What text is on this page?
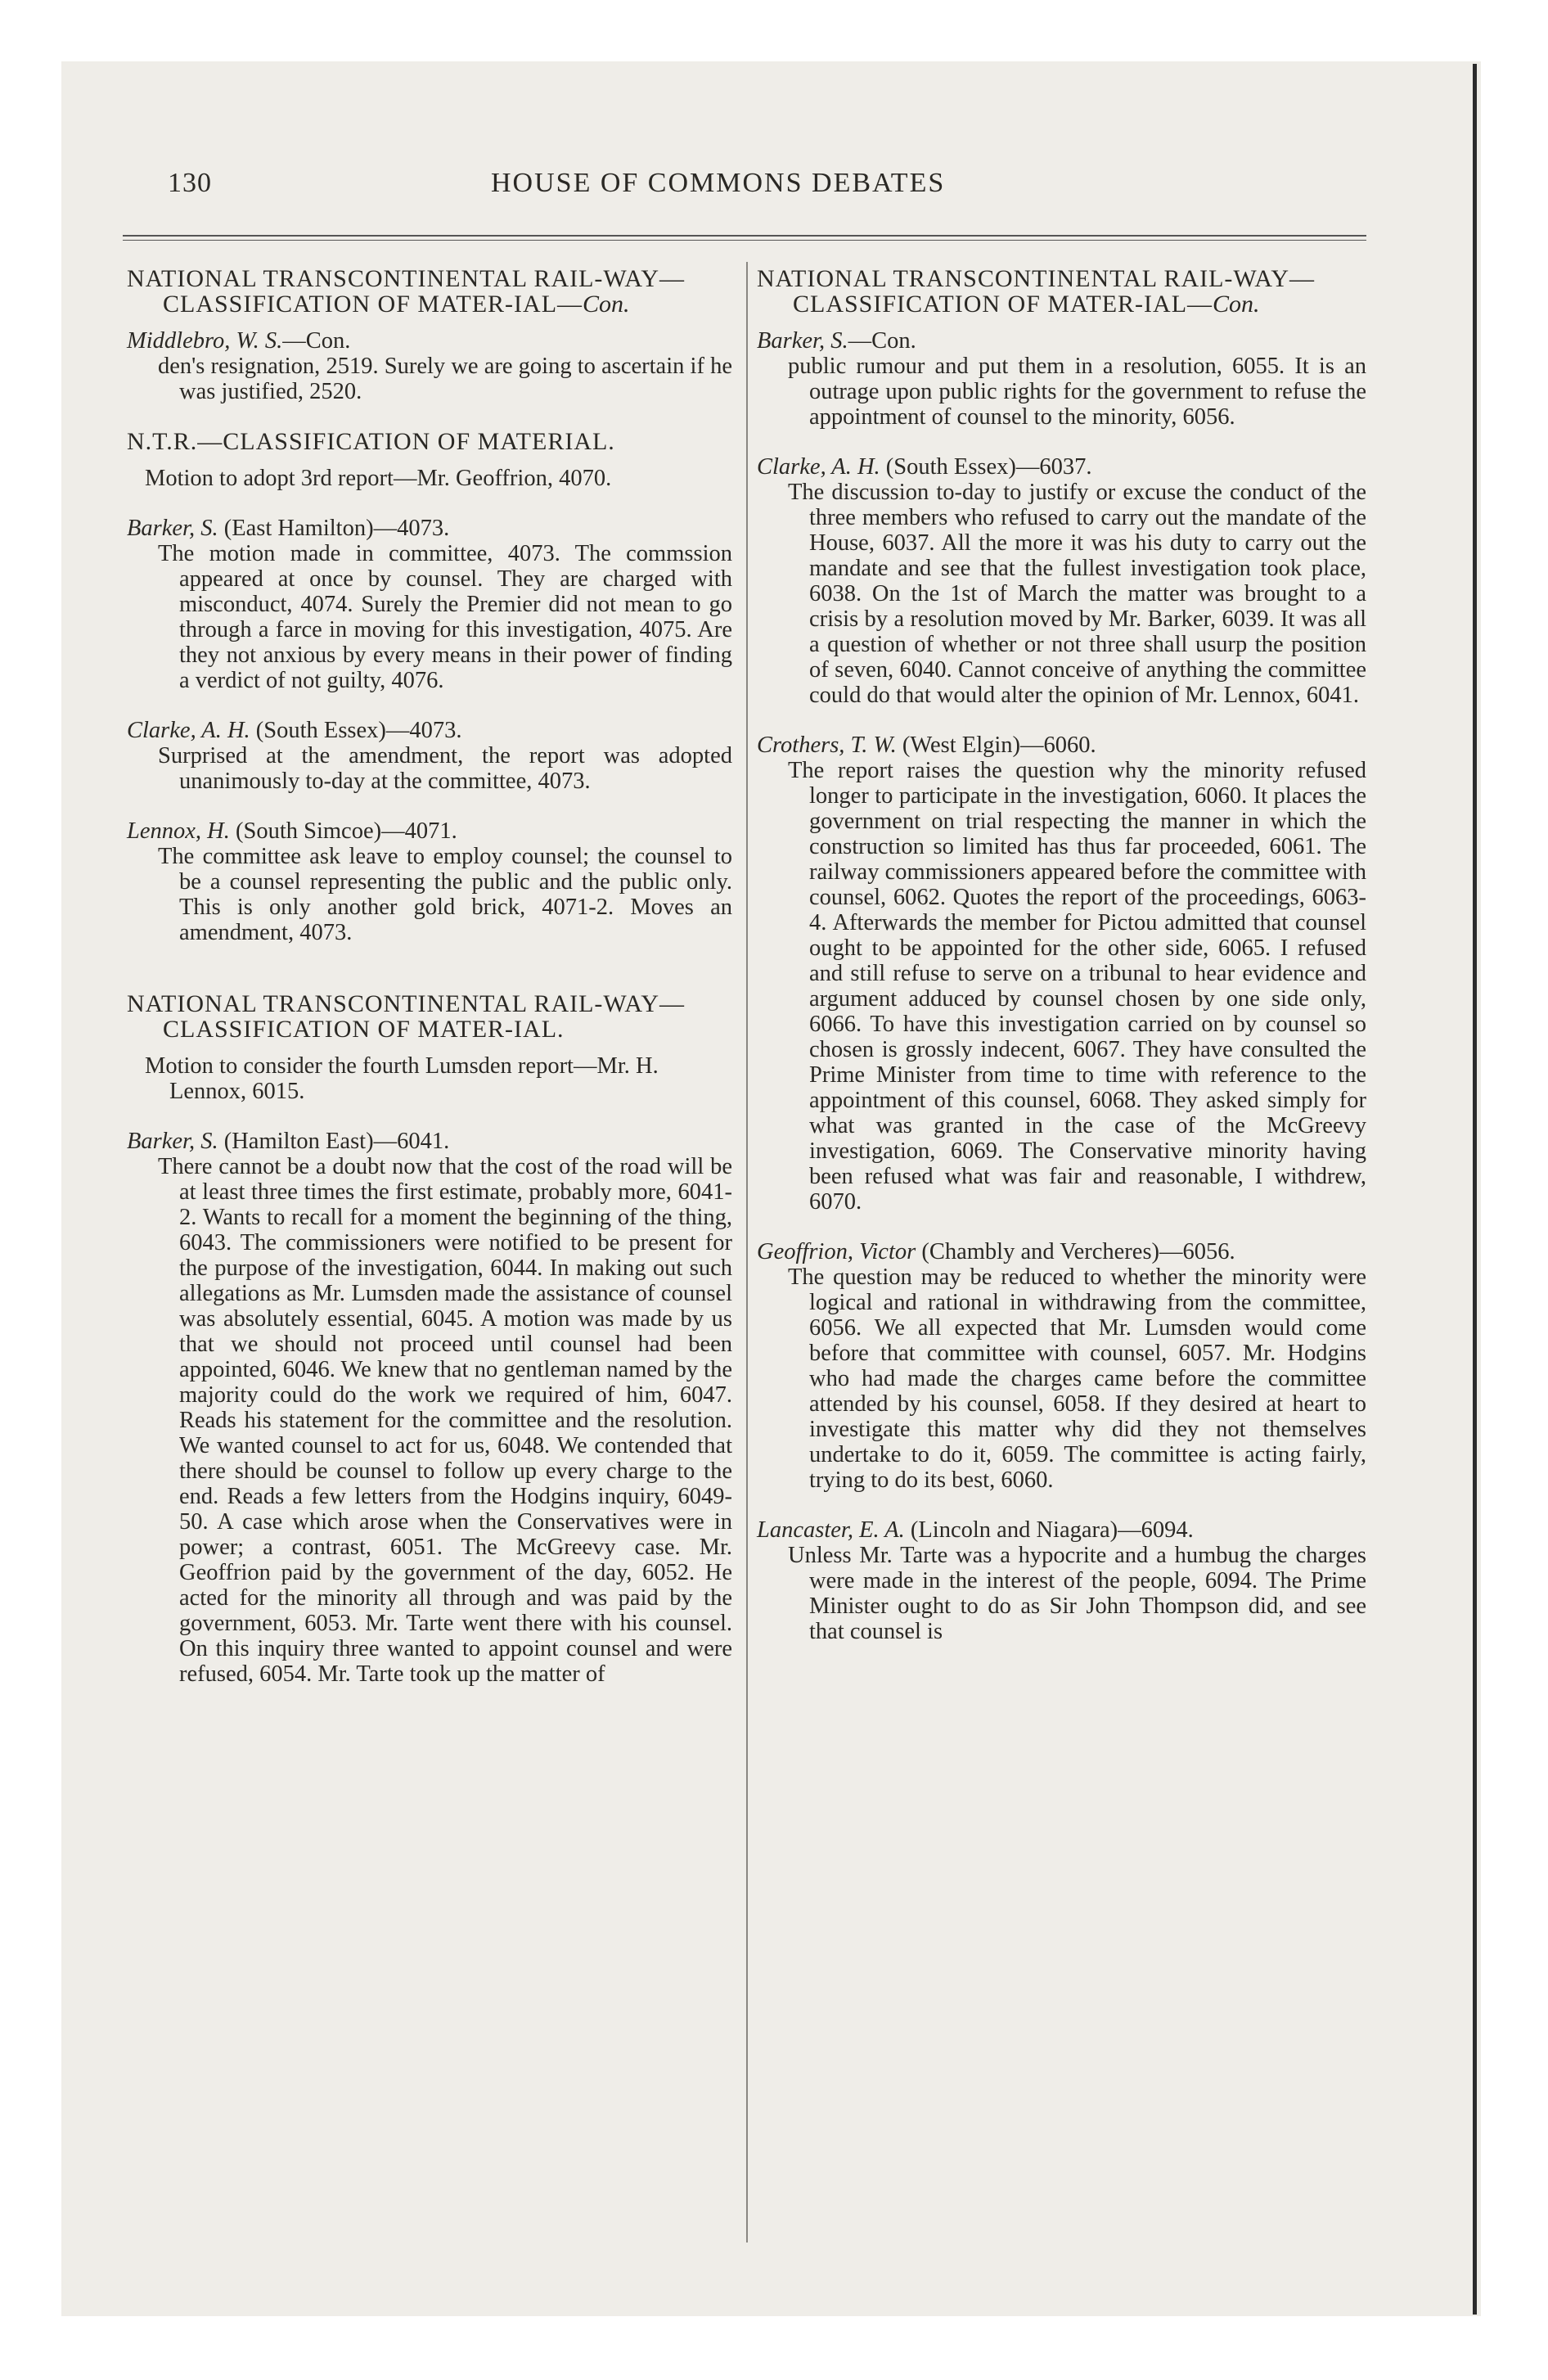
130	HOUSE OF COMMONS DEBATES
NATIONAL TRANSCONTINENTAL RAIL-WAY—CLASSIFICATION OF MATER-IAL—Con.

Middlebro, W. S.—Con.

den's resignation, 2519. Surely we are going to ascertain if he was justified, 2520.

N.T.R.—CLASSIFICATION OF MATERIAL.

Motion to adopt 3rd report—Mr. Geoffrion, 4070.

Barker, S. (East Hamilton)—4073.

The motion made in committee, 4073. The commssion appeared at once by counsel. They are charged with misconduct, 4074. Surely the Premier did not mean to go through a farce in moving for this investigation, 4075. Are they not anxious by every means in their power of finding a verdict of not guilty, 4076.

Clarke, A. H. (South Essex)—4073.

Surprised at the amendment, the report was adopted unanimously to-day at the committee, 4073.

Lennox, H. (South Simcoe)—4071.

The committee ask leave to employ counsel; the counsel to be a counsel representing the public and the public only. This is only another gold brick, 4071-2. Moves an amendment, 4073.

NATIONAL TRANSCONTINENTAL RAIL-WAY—CLASSIFICATION OF MATER-IAL.

Motion to consider the fourth Lumsden report—Mr. H. Lennox, 6015.

Barker, S. (Hamilton East)—6041.

There cannot be a doubt now that the cost of the road will be at least three times the first estimate, probably more, 6041-2. Wants to recall for a moment the beginning of the thing, 6043. The commissioners were notified to be present for the purpose of the investigation, 6044. In making out such allegations as Mr. Lumsden made the assistance of counsel was absolutely essential, 6045. A motion was made by us that we should not proceed until counsel had been appointed, 6046. We knew that no gentleman named by the majority could do the work we required of him, 6047. Reads his statement for the committee and the resolution. We wanted counsel to act for us, 6048. We contended that there should be counsel to follow up every charge to the end. Reads a few letters from the Hodgins inquiry, 6049-50. A case which arose when the Conservatives were in power; a contrast, 6051. The McGreevy case. Mr. Geoffrion paid by the government of the day, 6052. He acted for the minority all through and was paid by the government, 6053. Mr. Tarte went there with his counsel. On this inquiry three wanted to appoint counsel and were refused, 6054. Mr. Tarte took up the matter of

NATIONAL TRANSCONTINENTAL RAIL-WAY—CLASSIFICATION OF MATER-IAL—Con.

Barker, S.—Con.

public rumour and put them in a resolution, 6055. It is an outrage upon public rights for the government to refuse the appointment of counsel to the minority, 6056.

Clarke, A. H. (South Essex)—6037.

The discussion to-day to justify or excuse the conduct of the three members who refused to carry out the mandate of the House, 6037. All the more it was his duty to carry out the mandate and see that the fullest investigation took place, 6038. On the 1st of March the matter was brought to a crisis by a resolution moved by Mr. Barker, 6039. It was all a question of whether or not three shall usurp the position of seven, 6040. Cannot conceive of anything the committee could do that would alter the opinion of Mr. Lennox, 6041.

Crothers, T. W. (West Elgin)—6060.

The report raises the question why the minority refused longer to participate in the investigation, 6060. It places the government on trial respecting the manner in which the construction so limited has thus far proceeded, 6061. The railway commissioners appeared before the committee with counsel, 6062. Quotes the report of the proceedings, 6063-4. Afterwards the member for Pictou admitted that counsel ought to be appointed for the other side, 6065. I refused and still refuse to serve on a tribunal to hear evidence and argument adduced by counsel chosen by one side only, 6066. To have this investigation carried on by counsel so chosen is grossly indecent, 6067. They have consulted the Prime Minister from time to time with reference to the appointment of this counsel, 6068. They asked simply for what was granted in the case of the McGreevy investigation, 6069. The Conservative minority having been refused what was fair and reasonable, I withdrew, 6070.

Geoffrion, Victor (Chambly and Vercheres)—6056.

The question may be reduced to whether the minority were logical and rational in withdrawing from the committee, 6056. We all expected that Mr. Lumsden would come before that committee with counsel, 6057. Mr. Hodgins who had made the charges came before the committee attended by his counsel, 6058. If they desired at heart to investigate this matter why did they not themselves undertake to do it, 6059. The committee is acting fairly, trying to do its best, 6060.

Lancaster, E. A. (Lincoln and Niagara)—6094.

Unless Mr. Tarte was a hypocrite and a humbug the charges were made in the interest of the people, 6094. The Prime Minister ought to do as Sir John Thompson did, and see that counsel is
